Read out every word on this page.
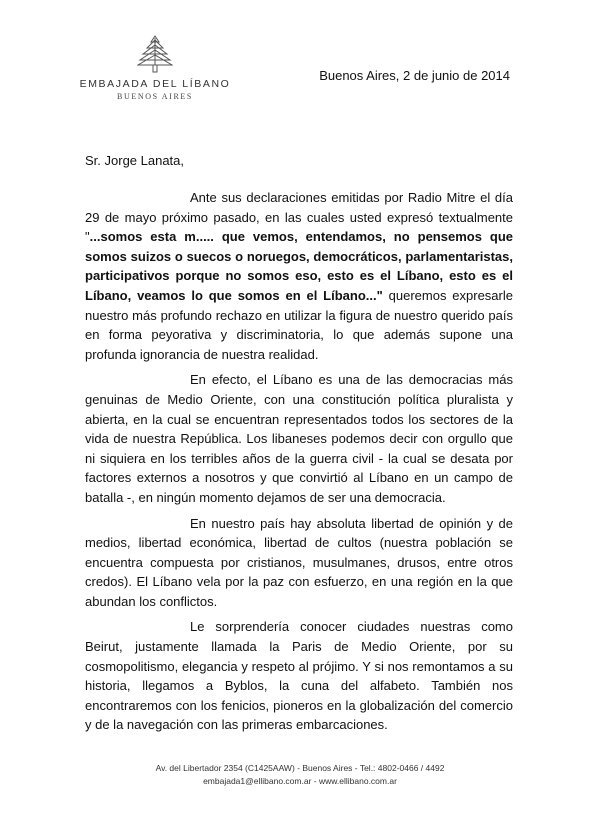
EMBAJADA DEL LÍBANO
BUENOS AIRES
Buenos Aires, 2 de junio de 2014
Sr. Jorge Lanata,

Ante sus declaraciones emitidas por Radio Mitre el día 29 de mayo próximo pasado, en las cuales usted expresó textualmente "...somos esta m..... que vemos, entendamos, no pensemos que somos suizos o suecos o noruegos, democráticos, parlamentaristas, participativos porque no somos eso, esto es el Líbano, esto es el Líbano, veamos lo que somos en el Líbano..." queremos expresarle nuestro más profundo rechazo en utilizar la figura de nuestro querido país en forma peyorativa y discriminatoria, lo que además supone una profunda ignorancia de nuestra realidad.

En efecto, el Líbano es una de las democracias más genuinas de Medio Oriente, con una constitución política pluralista y abierta, en la cual se encuentran representados todos los sectores de la vida de nuestra República. Los libaneses podemos decir con orgullo que ni siquiera en los terribles años de la guerra civil - la cual se desata por factores externos a nosotros y que convirtió al Líbano en un campo de batalla -, en ningún momento dejamos de ser una democracia.

En nuestro país hay absoluta libertad de opinión y de medios, libertad económica, libertad de cultos (nuestra población se encuentra compuesta por cristianos, musulmanes, drusos, entre otros credos). El Líbano vela por la paz con esfuerzo, en una región en la que abundan los conflictos.

Le sorprendería conocer ciudades nuestras como Beirut, justamente llamada la Paris de Medio Oriente, por su cosmopolitismo, elegancia y respeto al prójimo. Y si nos remontamos a su historia, llegamos a Byblos, la cuna del alfabeto. También nos encontraremos con los fenicios, pioneros en la globalización del comercio y de la navegación con las primeras embarcaciones.

Av. del Libertador 2354 (C1425AAW) - Buenos Aires - Tel.: 4802-0466 / 4492
embajada1@ellibano.com.ar - www.ellibano.com.ar
